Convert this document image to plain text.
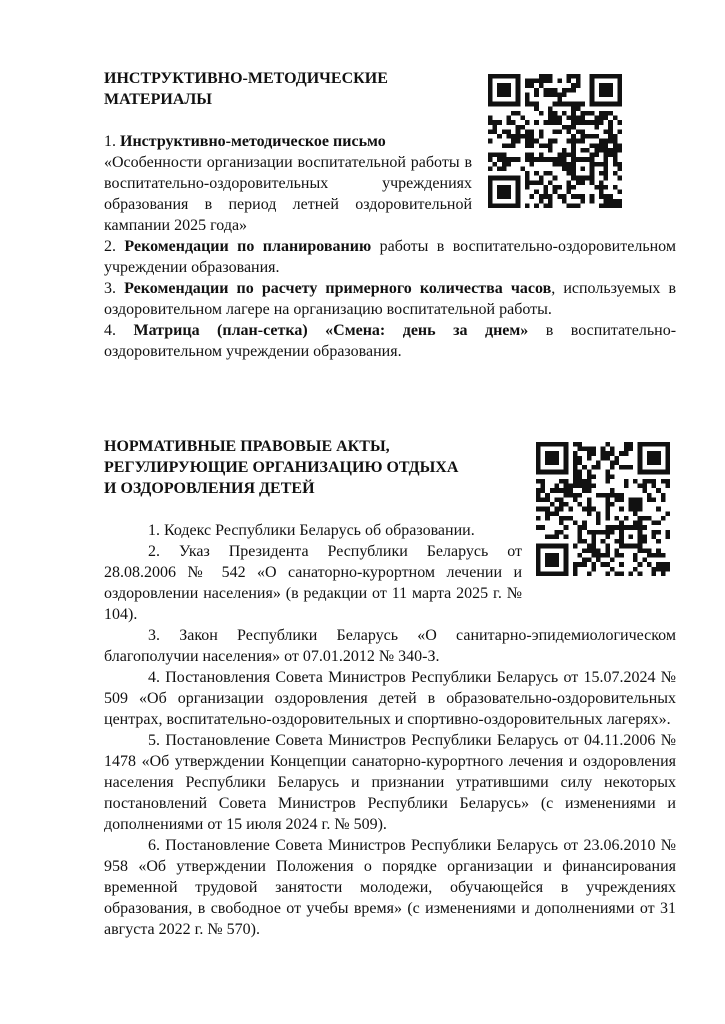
ИНСТРУКТИВНО-МЕТОДИЧЕСКИЕ
МАТЕРИАЛЫ

1. Инструктивно-методическое письмо
«Особенности организации воспитательной работы в воспитательно-оздоровительных учреждениях образования в период летней оздоровительной кампании 2025 года»

2. Рекомендации по планированию работы в воспитательно-оздоровительном учреждении образования.

3. Рекомендации по расчету примерного количества часов, используемых в оздоровительном лагере на организацию воспитательной работы.

4. Матрица (план-сетка) «Смена: день за днем» в воспитательно-оздоровительном учреждении образования.

НОРМАТИВНЫЕ ПРАВОВЫЕ АКТЫ,
РЕГУЛИРУЮЩИЕ ОРГАНИЗАЦИЮ ОТДЫХА
И ОЗДОРОВЛЕНИЯ ДЕТЕЙ

1. Кодекс Республики Беларусь об образовании.

2. Указ Президента Республики Беларусь от 28.08.2006 № 542 «О санаторно-курортном лечении и оздоровлении населения» (в редакции от 11 марта 2025 г. № 104).

3. Закон Республики Беларусь «О санитарно-эпидемиологическом благополучии населения» от 07.01.2012 № 340-З.

4. Постановления Совета Министров Республики Беларусь от 15.07.2024 № 509 «Об организации оздоровления детей в образовательно-оздоровительных центрах, воспитательно-оздоровительных и спортивно-оздоровительных лагерях».

5. Постановление Совета Министров Республики Беларусь от 04.11.2006 № 1478 «Об утверждении Концепции санаторно-курортного лечения и оздоровления населения Республики Беларусь и признании утратившими силу некоторых постановлений Совета Министров Республики Беларусь» (с изменениями и дополнениями от 15 июля 2024 г. № 509).

6. Постановление Совета Министров Республики Беларусь от 23.06.2010 № 958 «Об утверждении Положения о порядке организации и финансирования временной трудовой занятости молодежи, обучающейся в учреждениях образования, в свободное от учебы время» (с изменениями и дополнениями от 31 августа 2022 г. № 570).
